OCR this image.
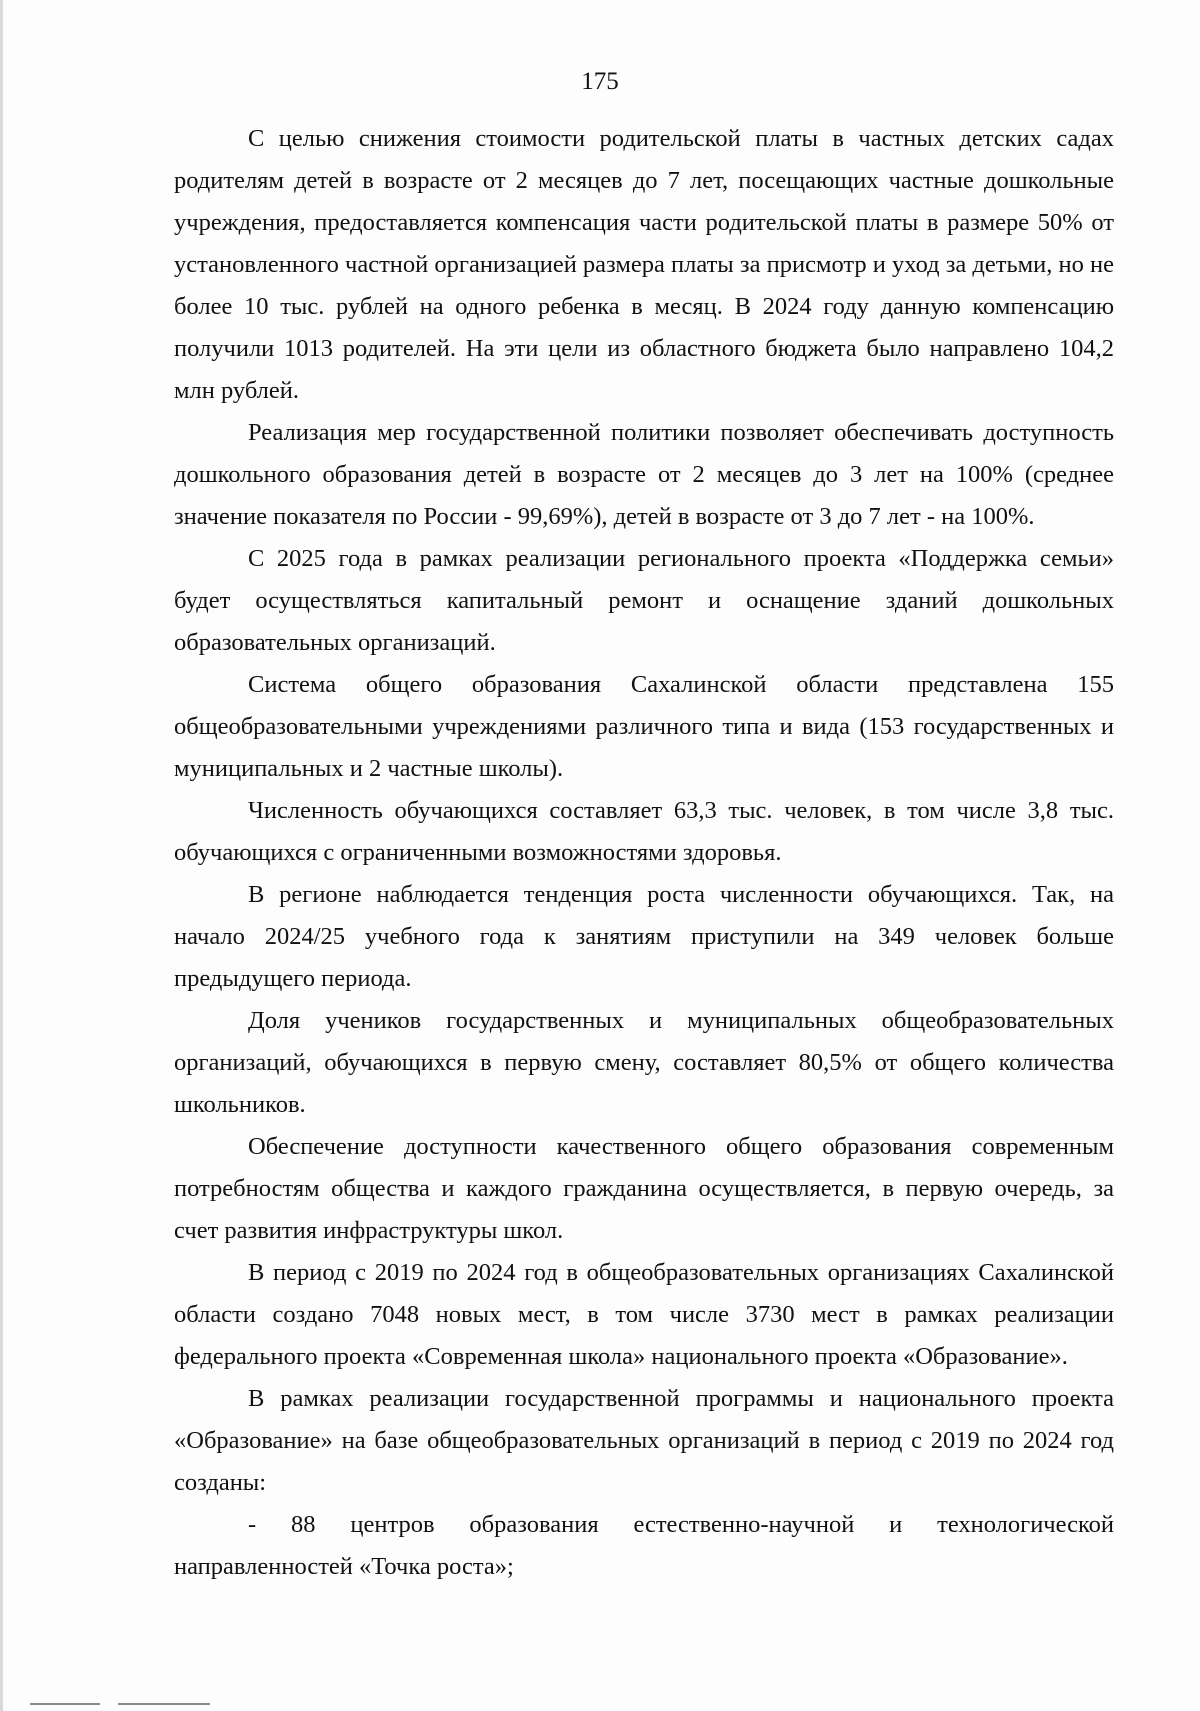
175

С целью снижения стоимости родительской платы в частных детских садах родителям детей в возрасте от 2 месяцев до 7 лет, посещающих частные дошкольные учреждения, предоставляется компенсация части родительской платы в размере 50% от установленного частной организацией размера платы за присмотр и уход за детьми, но не более 10 тыс. рублей на одного ребенка в месяц. В 2024 году данную компенсацию получили 1013 родителей. На эти цели из областного бюджета было направлено 104,2 млн рублей.

Реализация мер государственной политики позволяет обеспечивать доступность дошкольного образования детей в возрасте от 2 месяцев до 3 лет на 100% (среднее значение показателя по России - 99,69%), детей в возрасте от 3 до 7 лет - на 100%.

С 2025 года в рамках реализации регионального проекта «Поддержка семьи» будет осуществляться капитальный ремонт и оснащение зданий дошкольных образовательных организаций.

Система общего образования Сахалинской области представлена 155 общеобразовательными учреждениями различного типа и вида (153 государственных и муниципальных и 2 частные школы).

Численность обучающихся составляет 63,3 тыс. человек, в том числе 3,8 тыс. обучающихся с ограниченными возможностями здоровья.

В регионе наблюдается тенденция роста численности обучающихся. Так, на начало 2024/25 учебного года к занятиям приступили на 349 человек больше предыдущего периода.

Доля учеников государственных и муниципальных общеобразовательных организаций, обучающихся в первую смену, составляет 80,5% от общего количества школьников.

Обеспечение доступности качественного общего образования современным потребностям общества и каждого гражданина осуществляется, в первую очередь, за счет развития инфраструктуры школ.

В период с 2019 по 2024 год в общеобразовательных организациях Сахалинской области создано 7048 новых мест, в том числе 3730 мест в рамках реализации федерального проекта «Современная школа» национального проекта «Образование».

В рамках реализации государственной программы и национального проекта «Образование» на базе общеобразовательных организаций в период с 2019 по 2024 год созданы:

- 88 центров образования естественно-научной и технологической направленностей «Точка роста»;
